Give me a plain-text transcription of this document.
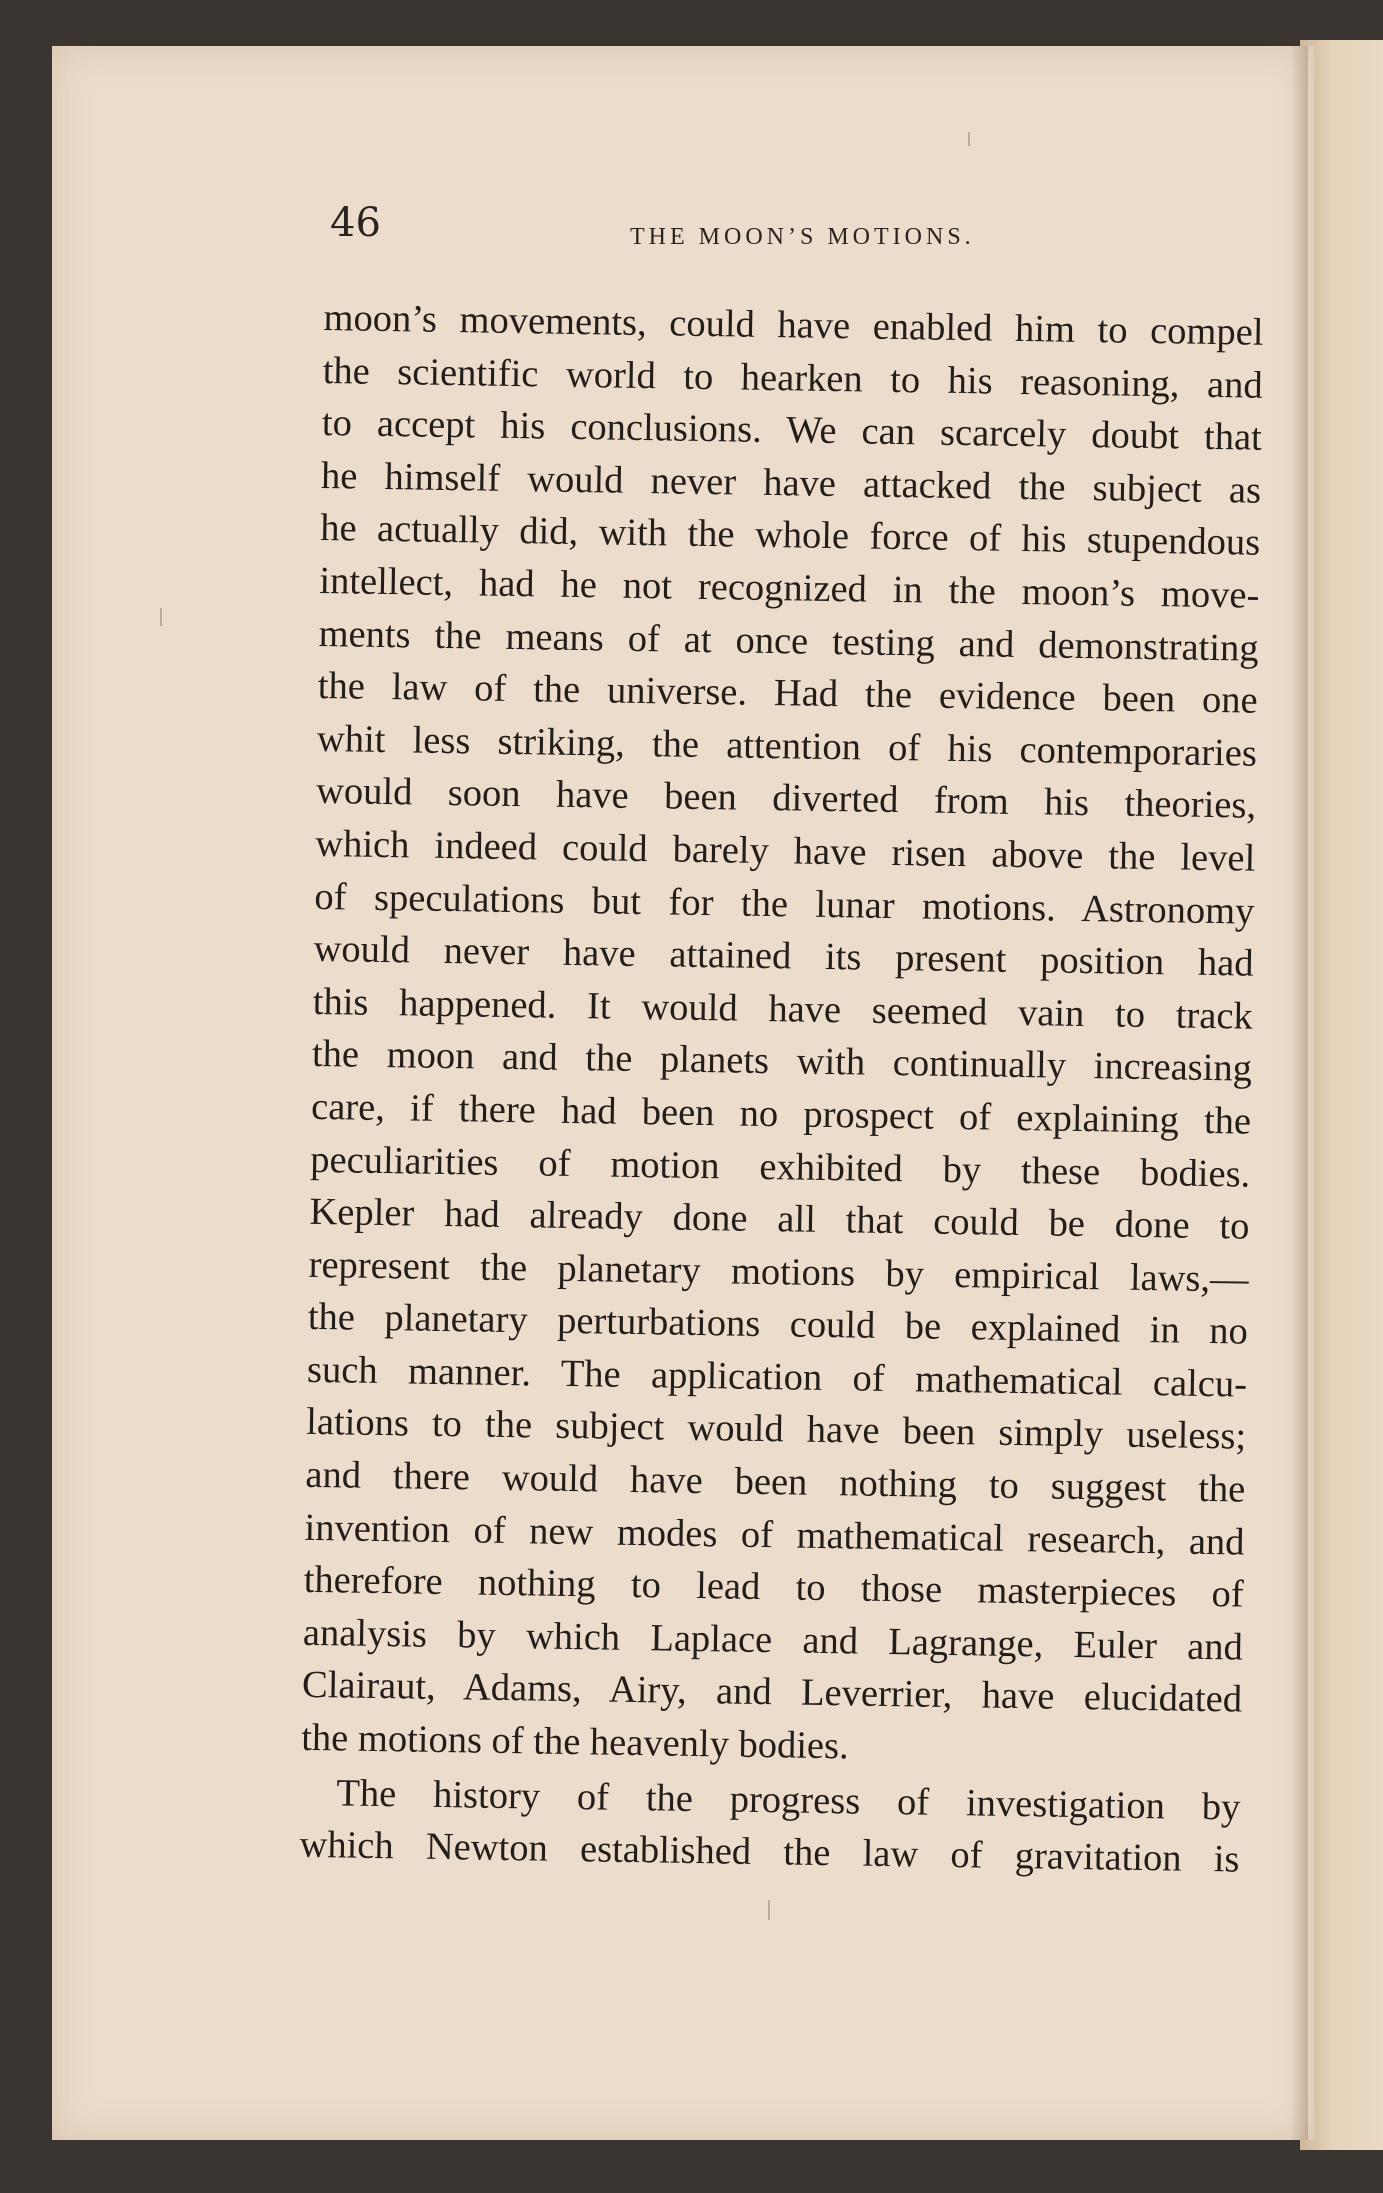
46	THE MOON’S MOTIONS.
moon’s movements, could have enabled him to compel
the scientific world to hearken to his reasoning, and
to accept his conclusions. We can scarcely doubt that
he himself would never have attacked the subject as
he actually did, with the whole force of his stupendous
intellect, had he not recognized in the moon’s move-
ments the means of at once testing and demonstrating
the law of the universe. Had the evidence been one
whit less striking, the attention of his contemporaries
would soon have been diverted from his theories,
which indeed could barely have risen above the level
of speculations but for the lunar motions. Astronomy
would never have attained its present position had
this happened. It would have seemed vain to track
the moon and the planets with continually increasing
care, if there had been no prospect of explaining the
peculiarities of motion exhibited by these bodies.
Kepler had already done all that could be done to
represent the planetary motions by empirical laws,—
the planetary perturbations could be explained in no
such manner. The application of mathematical calcu-
lations to the subject would have been simply useless;
and there would have been nothing to suggest the
invention of new modes of mathematical research, and
therefore nothing to lead to those masterpieces of
analysis by which Laplace and Lagrange, Euler and
Clairaut, Adams, Airy, and Leverrier, have elucidated
the motions of the heavenly bodies.
The history of the progress of investigation by
which Newton established the law of gravitation is
